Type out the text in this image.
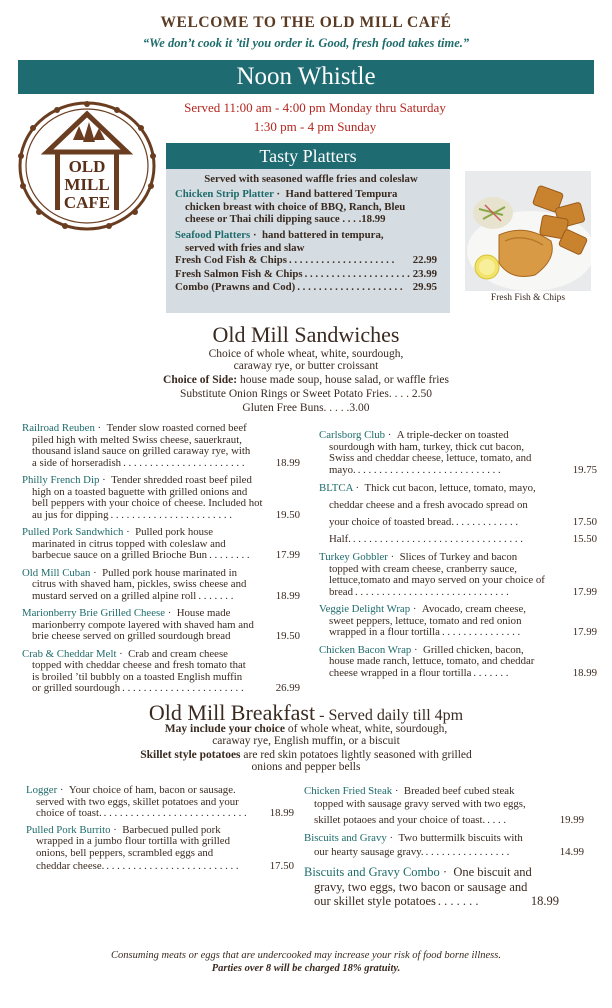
WELCOME TO THE OLD MILL CAFÉ
“We don’t cook it ’til you order it. Good, fresh food takes time.”
Noon Whistle
Served 11:00 am - 4:00 pm Monday thru Saturday
1:30 pm - 4 pm Sunday
OLD
MILL
CAFE
Tasty Platters
Served with seasoned waffle fries and coleslaw
Chicken Strip Platter ·  Hand battered Tempura
chicken breast with choice of BBQ, Ranch, Bleu
cheese or Thai chili dipping sauce . . . .18.99
Seafood Platters ·  hand battered in tempura,
served with fries and slaw
Fresh Cod Fish & Chips . . . . . . . . . . . . . . . . . . . .	22.99
Fresh Salmon Fish & Chips . . . . . . . . . . . . . . . . . . . . 23.99
Combo (Prawns and Cod) . . . . . . . . . . . . . . . . . . . . 29.95
Fresh Fish & Chips
Old Mill Sandwiches
Choice of whole wheat, white, sourdough,
caraway rye, or butter croissant
Choice of Side: house made soup, house salad, or waffle fries
Substitute Onion Rings or Sweet Potato Fries. . . . 2.50
Gluten Free Buns. . . . .3.00
Railroad Reuben ·  Tender slow roasted corned beef
piled high with melted Swiss cheese, sauerkraut,
thousand island sauce on grilled caraway rye, with
a side of horseradish . . . . . . . . . . . . . . . . . . . . . . .	18.99
Philly French Dip ·  Tender shredded roast beef piled
high on a toasted baguette with grilled onions and
bell peppers with your choice of cheese. Included hot
au jus for dipping . . . . . . . . . . . . . . . . . . . . . . .	19.50
Pulled Pork Sandwhich ·  Pulled pork house
marinated in citrus topped with coleslaw and
barbecue sauce on a grilled Brioche Bun . . . . . . . .	17.99
Old Mill Cuban ·  Pulled pork house marinated in
citrus with shaved ham, pickles, swiss cheese and
mustard served on a grilled alpine roll . . . . . . .	18.99
Marionberry Brie Grilled Cheese ·  House made
marionberry compote layered with shaved ham and
brie cheese served on grilled sourdough bread	19.50
Crab & Cheddar Melt ·  Crab and cream cheese
topped with cheddar cheese and fresh tomato that
is broiled ’til bubbly on a toasted English muffin
or grilled sourdough . . . . . . . . . . . . . . . . . . . . . . .	26.99
Carlsborg Club ·  A triple-decker on toasted
sourdough with ham, turkey, thick cut bacon,
Swiss and cheddar cheese, lettuce, tomato, and
mayo. . . . . . . . . . . . . . . . . . . . . . . . . . . .	19.75
BLTCA ·  Thick cut bacon, lettuce, tomato, mayo,
cheddar cheese and a fresh avocado spread on
your choice of toasted bread. . . . . . . . . . . . .	17.50
Half. . . . . . . . . . . . . . . . . . . . . . . . . . . . . . . . .	15.50
Turkey Gobbler ·  Slices of Turkey and bacon
topped with cream cheese, cranberry sauce,
lettuce,tomato and mayo served on your choice of
bread . . . . . . . . . . . . . . . . . . . . . . . . . . . . .	17.99
Veggie Delight Wrap ·  Avocado, cream cheese,
sweet peppers, lettuce, tomato and red onion
wrapped in a flour tortilla . . . . . . . . . . . . . . .	17.99
Chicken Bacon Wrap ·  Grilled chicken, bacon,
house made ranch, lettuce, tomato, and cheddar
cheese wrapped in a flour tortilla . . . . . . .	18.99
Old Mill Breakfast - Served daily till 4pm
May include your choice of whole wheat, white, sourdough,
caraway rye, English muffin, or a biscuit
Skillet style potatoes are red skin potatoes lightly seasoned with grilled
onions and pepper bells
Logger ·  Your choice of ham, bacon or sausage.
served with two eggs, skillet potatoes and your
choice of toast. . . . . . . . . . . . . . . . . . . . . . . . . . . .	18.99
Pulled Pork Burrito ·  Barbecued pulled pork
wrapped in a jumbo flour tortilla with grilled
onions, bell peppers, scrambled eggs and
cheddar cheese. . . . . . . . . . . . . . . . . . . . . . . . . .	17.50
Chicken Fried Steak ·  Breaded beef cubed steak
topped with sausage gravy served with two eggs,
skillet potaoes and your choice of toast. . . . .	19.99
Biscuits and Gravy ·  Two buttermilk biscuits with
our hearty sausage gravy. . . . . . . . . . . . . . . . .	14.99
Biscuits and Gravy Combo ·  One biscuit and
gravy, two eggs, two bacon or sausage and
our skillet style potatoes . . . . . . .	18.99
Consuming meats or eggs that are undercooked may increase your risk of food borne illness.
Parties over 8 will be charged 18% gratuity.
